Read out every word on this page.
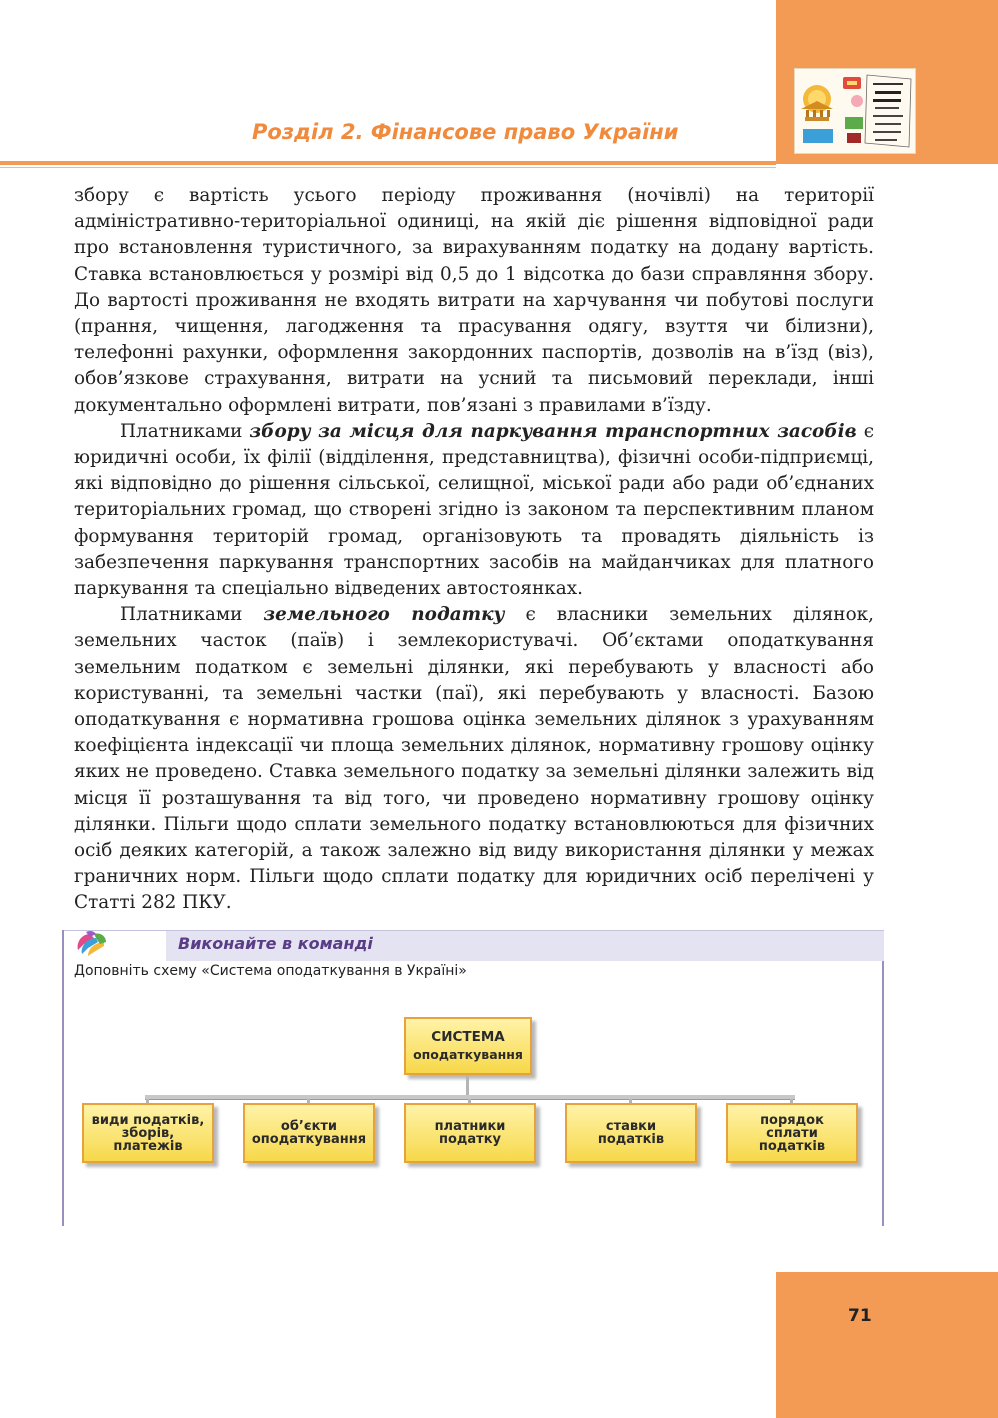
Розділ 2. Фінансове право України

збору є вартість усього періоду проживання (ночівлі) на території адміністративно-територіальної одиниці, на якій діє рішення відповідної ради про встановлення туристичного, за вирахуванням податку на додану вартість. Ставка встановлюється у розмірі від 0,5 до 1 відсотка до бази справляння збору. До вартості проживання не входять витрати на харчування чи побутові послуги (прання, чищення, лагодження та прасування одягу, взуття чи білизни), телефонні рахунки, оформлення закордонних паспортів, дозволів на в’їзд (віз), обов’язкове страхування, витрати на усний та письмовий переклади, інші документально оформлені витрати, пов’язані з правилами в’їзду.

Платниками збору за місця для паркування транспортних засобів є юридичні особи, їх філії (відділення, представництва), фізичні особи-підприємці, які відповідно до рішення сільської, селищної, міської ради або ради об’єднаних територіальних громад, що створені згідно із законом та перспективним планом формування територій громад, організовують та провадять діяльність із забезпечення паркування транспортних засобів на майданчиках для платного паркування та спеціально відведених автостоянках.

Платниками земельного податку є власники земельних ділянок, земельних часток (паїв) і землекористувачі. Об’єктами оподаткування земельним податком є земельні ділянки, які перебувають у власності або користуванні, та земельні частки (паї), які перебувають у власності. Базою оподаткування є нормативна грошова оцінка земельних ділянок з урахуванням коефіцієнта індексації чи площа земельних ділянок, нормативну грошову оцінку яких не проведено. Ставка земельного податку за земельні ділянки залежить від місця її розташування та від того, чи проведено нормативну грошову оцінку ділянки. Пільги щодо сплати земельного податку встановлюються для фізичних осіб деяких категорій, а також залежно від виду використання ділянки у межах граничних норм. Пільги щодо сплати податку для юридичних осіб перелічені у Статті 282 ПКУ.

Виконайте в команді
Доповніть схему «Система оподаткування в Україні»
СИСТЕМА
оподаткування
види податків,
зборів,
платежів
об’єкти
оподаткування
платники
податку
ставки
податків
порядок
сплати
податків
71
